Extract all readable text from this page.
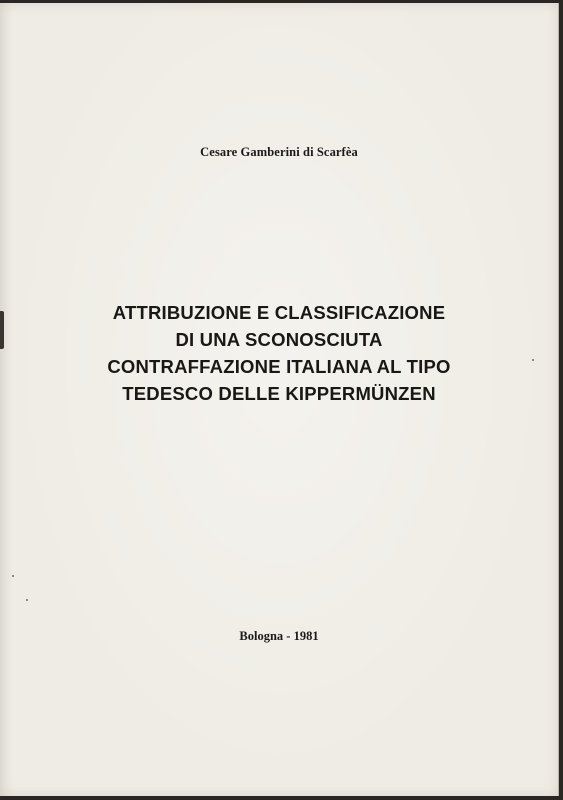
Cesare Gamberini di Scarfèa
ATTRIBUZIONE E CLASSIFICAZIONE
DI UNA SCONOSCIUTA
CONTRAFFAZIONE ITALIANA AL TIPO
TEDESCO DELLE KIPPERMÜNZEN
Bologna - 1981
